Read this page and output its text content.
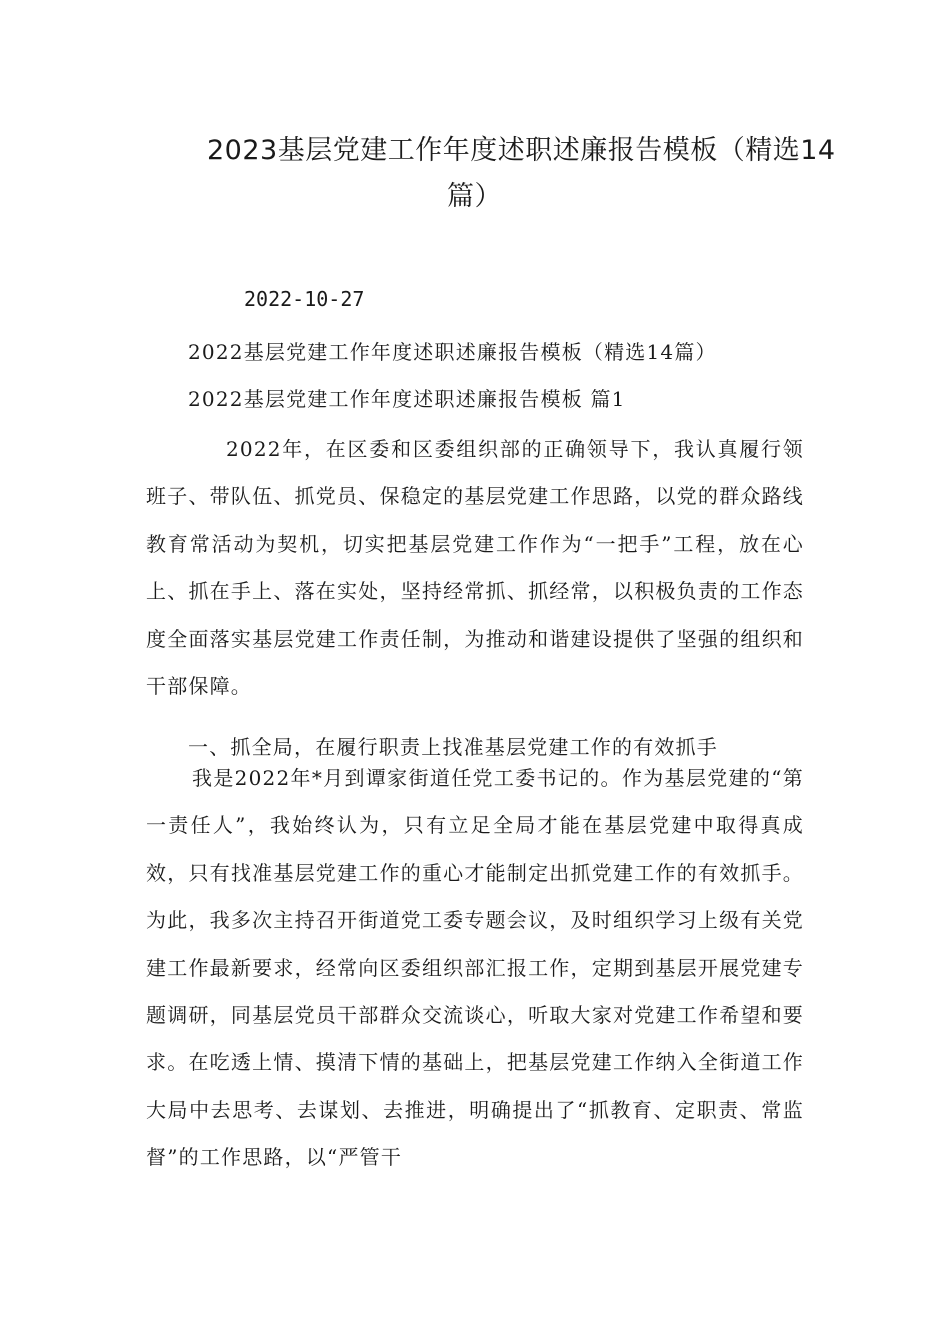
2023基层党建工作年度述职述廉报告模板（精选14
篇）
2022-10-27
2022基层党建工作年度述职述廉报告模板（精选14篇）
2022基层党建工作年度述职述廉报告模板 篇1
2022年，在区委和区委组织部的正确领导下，我认真履行领班子、带队伍、抓党员、保稳定的基层党建工作思路，以党的群众路线教育常活动为契机，切实把基层党建工作作为“一把手”工程，放在心上、抓在手上、落在实处，坚持经常抓、抓经常，以积极负责的工作态度全面落实基层党建工作责任制，为推动和谐建设提供了坚强的组织和干部保障。
一、抓全局，在履行职责上找准基层党建工作的有效抓手
我是2022年*月到谭家街道任党工委书记的。作为基层党建的“第一责任人”，我始终认为，只有立足全局才能在基层党建中取得真成效，只有找准基层党建工作的重心才能制定出抓党建工作的有效抓手。为此，我多次主持召开街道党工委专题会议，及时组织学习上级有关党建工作最新要求，经常向区委组织部汇报工作，定期到基层开展党建专题调研，同基层党员干部群众交流谈心，听取大家对党建工作希望和要求。在吃透上情、摸清下情的基础上，把基层党建工作纳入全街道工作大局中去思考、去谋划、去推进，明确提出了“抓教育、定职责、常监督”的工作思路，以“严管干
